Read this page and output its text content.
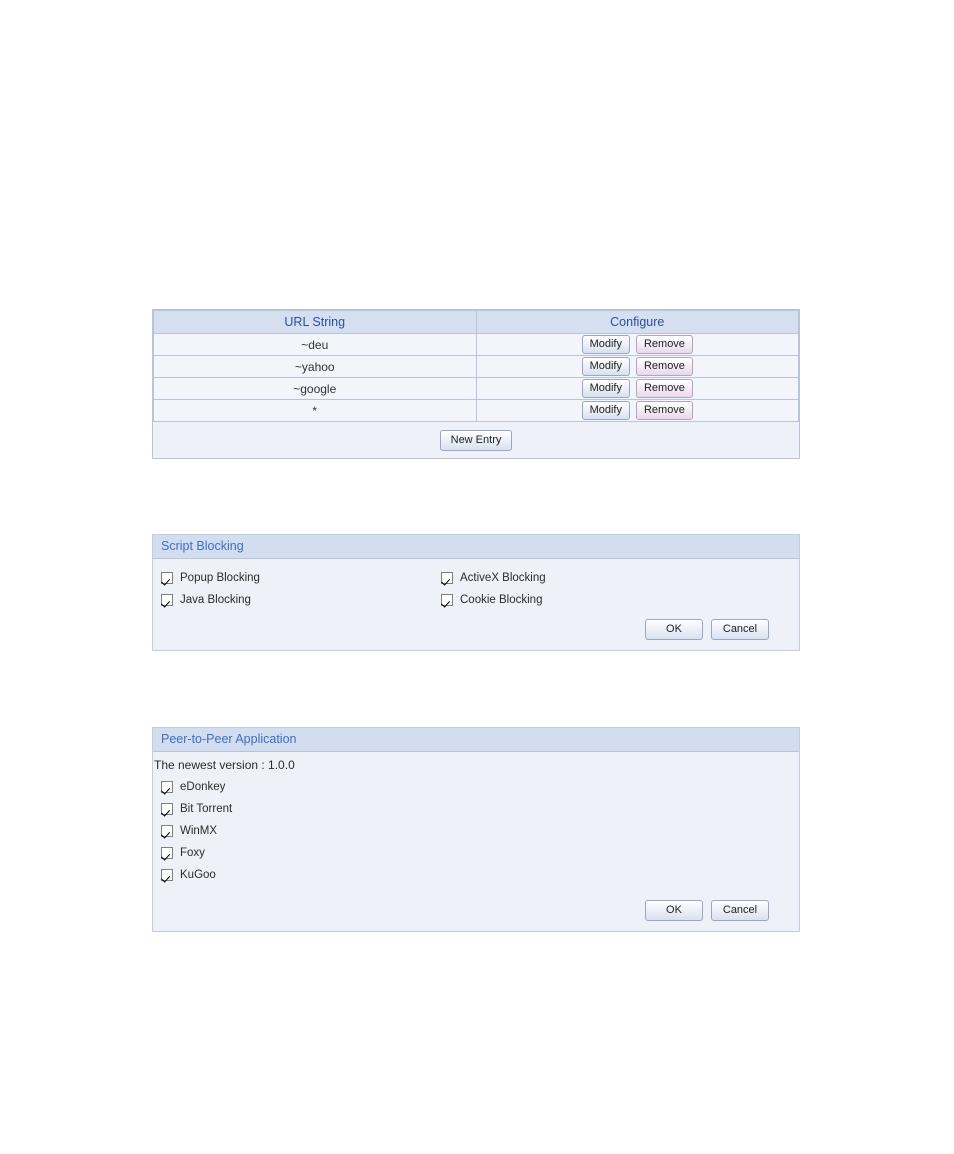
URL String	Configure
~deu	Modify Remove

~yahoo	Modify Remove

~google	Modify Remove

*	Modify Remove
New Entry
Script Blocking
Popup Blocking
Java Blocking
ActiveX Blocking
Cookie Blocking
OK	Cancel
Peer-to-Peer Application
The newest version : 1.0.0
eDonkey
Bit Torrent
WinMX
Foxy
KuGoo
OK	Cancel
